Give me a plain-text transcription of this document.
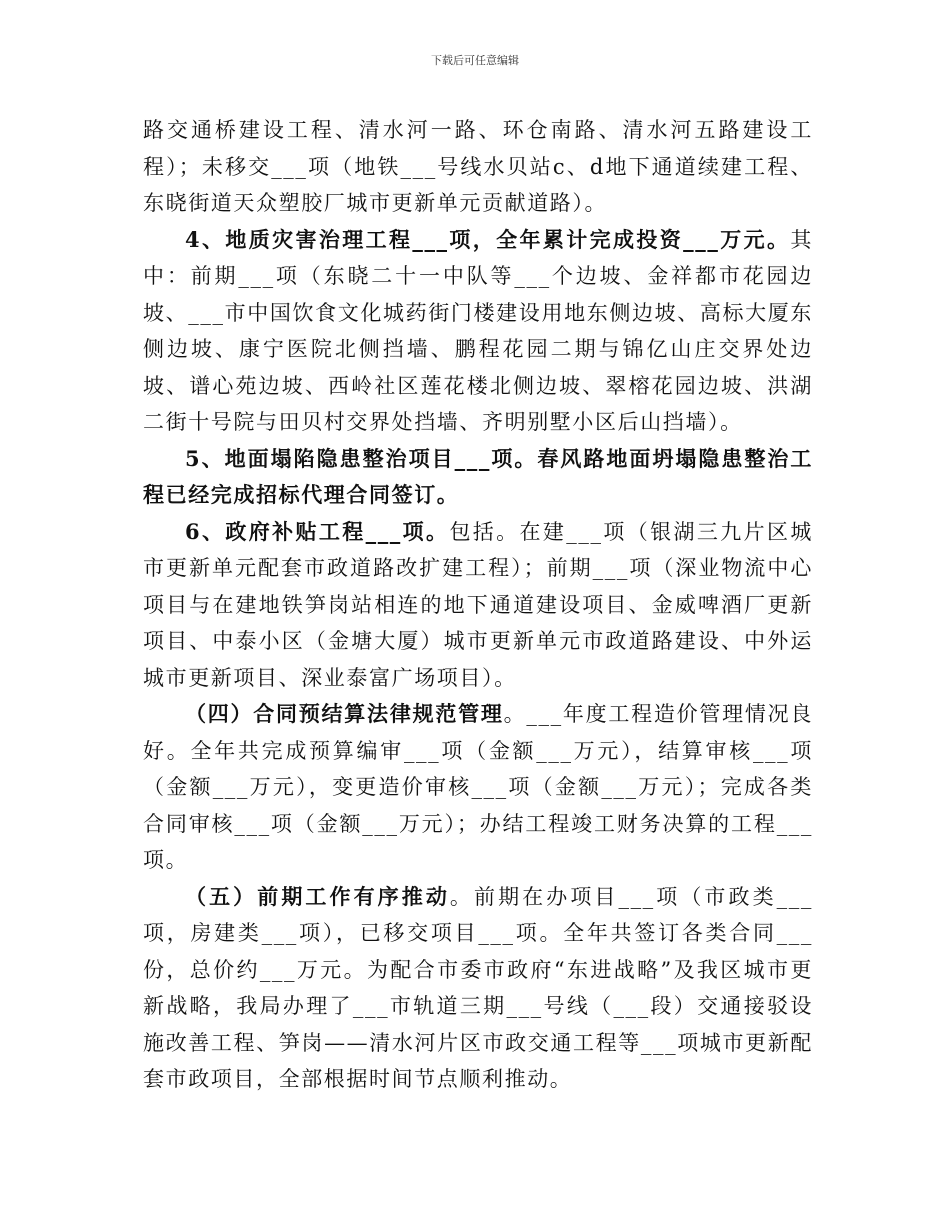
下载后可任意编辑

路交通桥建设工程、清水河一路、环仓南路、清水河五路建设工程）；未移交___项（地铁___号线水贝站c、d地下通道续建工程、东晓街道天众塑胶厂城市更新单元贡献道路）。

4、地质灾害治理工程___项，全年累计完成投资___万元。其中：前期___项（东晓二十一中队等___个边坡、金祥都市花园边坡、___市中国饮食文化城药街门楼建设用地东侧边坡、高标大厦东侧边坡、康宁医院北侧挡墙、鹏程花园二期与锦亿山庄交界处边坡、谱心苑边坡、西岭社区莲花楼北侧边坡、翠榕花园边坡、洪湖二街十号院与田贝村交界处挡墙、齐明别墅小区后山挡墙）。

5、地面塌陷隐患整治项目___项。春风路地面坍塌隐患整治工程已经完成招标代理合同签订。

6、政府补贴工程___项。包括。在建___项（银湖三九片区城市更新单元配套市政道路改扩建工程）；前期___项（深业物流中心项目与在建地铁笋岗站相连的地下通道建设项目、金威啤酒厂更新项目、中泰小区（金塘大厦）城市更新单元市政道路建设、中外运城市更新项目、深业泰富广场项目）。

（四）合同预结算法律规范管理。___年度工程造价管理情况良好。全年共完成预算编审___项（金额___万元），结算审核___项（金额___万元），变更造价审核___项（金额___万元）；完成各类合同审核___项（金额___万元）；办结工程竣工财务决算的工程___项。

（五）前期工作有序推动。前期在办项目___项（市政类___项，房建类___项），已移交项目___项。全年共签订各类合同___份，总价约___万元。为配合市委市政府“东进战略”及我区城市更新战略，我局办理了___市轨道三期___号线（___段）交通接驳设施改善工程、笋岗——清水河片区市政交通工程等___项城市更新配套市政项目，全部根据时间节点顺利推动。
